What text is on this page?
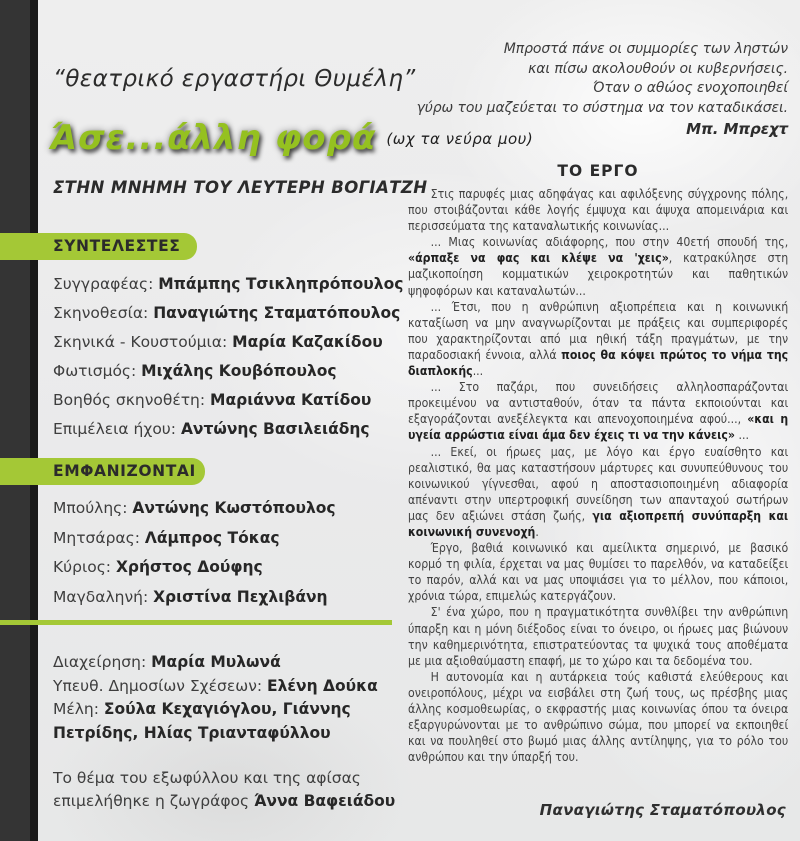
“θεατρικό εργαστήρι Θυμέλη”
Άσε...άλλη φορά (ωχ τα νεύρα μου)
ΣΤΗΝ ΜΝΗΜΗ ΤΟΥ ΛΕΥΤΕΡΗ ΒΟΓΙΑΤΖΗ
ΣΥΝΤΕΛΕΣΤΕΣ
Συγγραφέας: Μπάμπης Τσικληπρόπουλος
Σκηνοθεσία: Παναγιώτης Σταματόπουλος
Σκηνικά - Κουστούμια: Μαρία Καζακίδου
Φωτισμός: Μιχάλης Κουβόπουλος
Βοηθός σκηνοθέτη: Μαριάννα Κατίδου
Επιμέλεια ήχου: Αντώνης Βασιλειάδης
ΕΜΦΑΝΙΖΟΝΤΑΙ
Μπούλης: Αντώνης Κωστόπουλος
Μητσάρας: Λάμπρος Τόκας
Κύριος: Χρήστος Δούφης
Μαγδαληνή: Χριστίνα Πεχλιβάνη
Διαχείρηση: Μαρία Μυλωνά
Υπευθ. Δημοσίων Σχέσεων: Ελένη Δούκα
Μέλη: Σούλα Κεχαγιόγλου, Γιάννης Πετρίδης, Ηλίας Τριανταφύλλου
Το θέμα του εξωφύλλου και της αφίσας επιμελήθηκε η ζωγράφος Άννα Βαφειάδου
Μπροστά πάνε οι συμμορίες των ληστών
και πίσω ακολουθούν οι κυβερνήσεις.
Όταν ο αθώος ενοχοποιηθεί
γύρω του μαζεύεται το σύστημα να τον καταδικάσει.
Μπ. Μπρεχτ
ΤΟ ΕΡΓΟ

Στις παρυφές μιας αδηφάγας και αφιλόξενης σύγχρονης πόλης, που στοιβάζονται κάθε λογής έμψυχα και άψυχα απομεινάρια και περισσεύματα της καταναλωτικής κοινωνίας...

... Μιας κοινωνίας αδιάφορης, που στην 40ετή σπουδή της, «άρπαξε να φας και κλέψε να 'χεις», κατρακύλησε στη μαζικοποίηση κομματικών χειροκροτητών και παθητικών ψηφοφόρων και καταναλωτών...

... Έτσι, που η ανθρώπινη αξιοπρέπεια και η κοινωνική καταξίωση να μην αναγνωρίζονται με πράξεις και συμπεριφορές που χαρακτηρίζονται από μια ηθική τάξη πραγμάτων, με την παραδοσιακή έννοια, αλλά ποιος θα κόψει πρώτος το νήμα της διαπλοκής...

... Στο παζάρι, που συνειδήσεις αλληλοσπαράζονται προκειμένου να αντισταθούν, όταν τα πάντα εκποιούνται και εξαγοράζονται ανεξέλεγκτα και απενοχοποιημένα αφού..., «και η υγεία αρρώστια είναι άμα δεν έχεις τι να την κάνεις» ...

... Εκεί, οι ήρωες μας, με λόγο και έργο ευαίσθητο και ρεαλιστικό, θα μας καταστήσουν μάρτυρες και συνυπεύθυνους του κοινωνικού γίγνεσθαι, αφού η αποστασιοποιημένη αδιαφορία απέναντι στην υπερτροφική συνείδηση των απανταχού σωτήρων μας δεν αξιώνει στάση ζωής, για αξιοπρεπή συνύπαρξη και κοινωνική συνενοχή.

Έργο, βαθιά κοινωνικό και αμείλικτα σημερινό, με βασικό κορμό τη φιλία, έρχεται να μας θυμίσει το παρελθόν, να καταδείξει το παρόν, αλλά και να μας υποψιάσει για το μέλλον, που κάποιοι, χρόνια τώρα, επιμελώς κατεργάζουν.

Σ' ένα χώρο, που η πραγματικότητα συνθλίβει την ανθρώπινη ύπαρξη και η μόνη διέξοδος είναι το όνειρο, οι ήρωες μας βιώνουν την καθημερινότητα, επιστρατεύοντας τα ψυχικά τους αποθέματα με μια αξιοθαύμαστη επαφή, με το χώρο και τα δεδομένα του.

Η αυτονομία και η αυτάρκεια τούς καθιστά ελεύθερους και ονειροπόλους, μέχρι να εισβάλει στη ζωή τους, ως πρέσβης μιας άλλης κοσμοθεωρίας, ο εκφραστής μιας κοινωνίας όπου τα όνειρα εξαργυρώνονται με το ανθρώπινο σώμα, που μπορεί να εκποιηθεί και να πουληθεί στο βωμό μιας άλλης αντίληψης, για το ρόλο του ανθρώπου και την ύπαρξή του.

Παναγιώτης Σταματόπουλος
